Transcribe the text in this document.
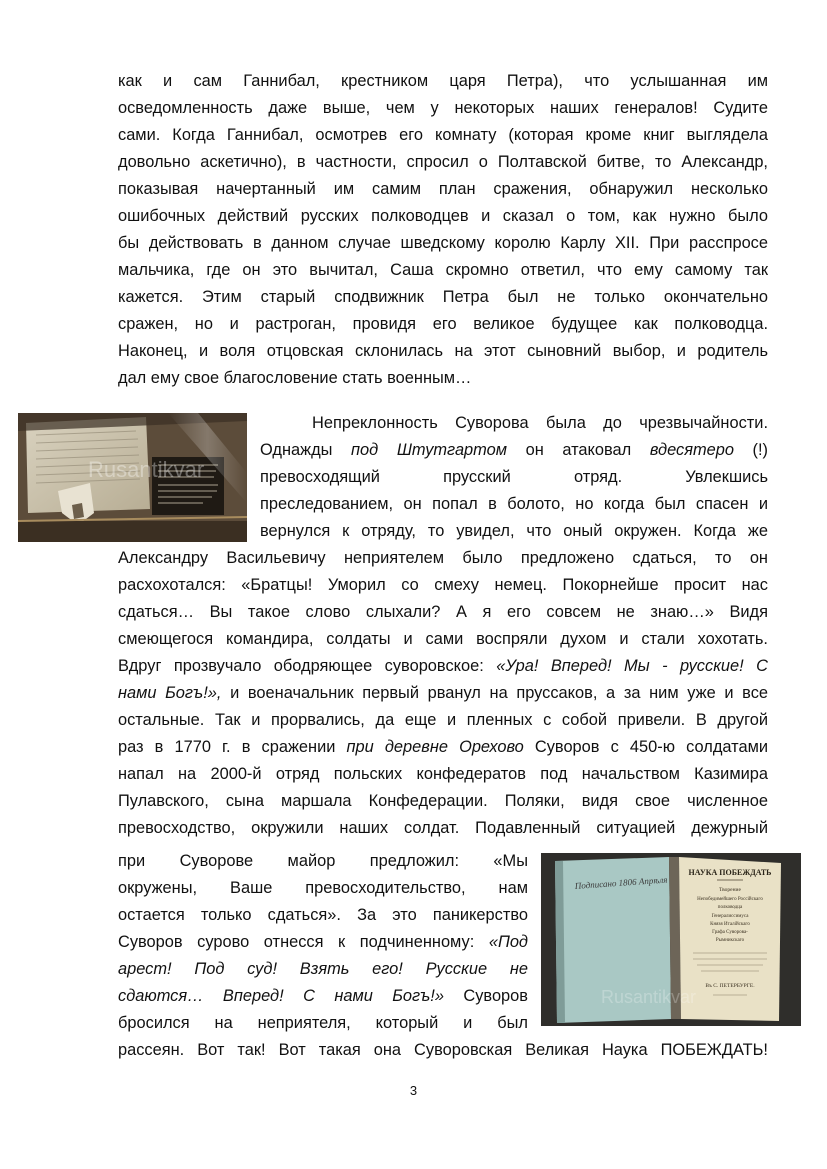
как и сам Ганнибал, крестником царя Петра), что услышанная им
осведомленность даже выше, чем у некоторых наших генералов! Судите
сами. Когда Ганнибал, осмотрев его комнату (которая кроме книг выглядела
довольно аскетично), в частности, спросил о Полтавской битве, то Александр,
показывая начертанный им самим план сражения, обнаружил несколько
ошибочных действий русских полководцев и сказал о том, как нужно было
бы действовать в данном случае шведскому королю Карлу XII. При расспросе
мальчика, где он это вычитал, Саша скромно ответил, что ему самому так
кажется. Этим старый сподвижник Петра был не только окончательно
сражен, но и растроган, провидя его великое будущее как полководца.
Наконец, и воля отцовская склонилась на этот сыновний выбор, и родитель
дал ему свое благословение стать военным…
Rusantikvar
Непреклонность Суворова была до чрезвычайности.
Однажды под Штутгартом он атаковал вдесятеро (!)
превосходящий прусский отряд. Увлекшись
преследованием, он попал в болото, но когда был спасен и
вернулся к отряду, то увидел, что оный окружен. Когда же
Александру Васильевичу неприятелем было предложено сдаться, то он
расхохотался: «Братцы! Уморил со смеху немец. Покорнейше просит нас
сдаться… Вы такое слово слыхали? А я его совсем не знаю…» Видя
смеющегося командира, солдаты и сами воспряли духом и стали хохотать.
Вдруг прозвучало ободряющее суворовское: «Ура! Вперед! Мы - русские! С
нами Богъ!», и военачальник первый рванул на пруссаков, а за ним уже и все
остальные. Так и прорвались, да еще и пленных с собой привели. В другой
раз в 1770 г. в сражении при деревне Орехово Суворов с 450-ю солдатами
напал на 2000-й отряд польских конфедератов под начальством Казимира
Пулавского, сына маршала Конфедерации. Поляки, видя свое численное
превосходство, окружили наших солдат. Подавленный ситуацией дежурный
при Суворове майор предложил: «Мы
окружены, Ваше превосходительство, нам
остается только сдаться». За это паникерство
Суворов сурово отнесся к подчиненному: «Под
арест! Под суд! Взять его! Русские не
сдаются… Вперед! С нами Богъ!» Суворов
бросился на неприятеля, который и был
рассеян. Вот так! Вот такая она Суворовская Великая Наука ПОБЕЖДАТЬ!
Подписано 1806 Апрѣля
НАУКА ПОБЕЖДАТЬ
Творение
Непобедимейшего Россійскаго
полководца
Генералиссимуса
Князя Италійскаго
Графа Суворова-
Рымникскаго
Въ С. ПЕТЕРБУРГЕ.
Rusantikvar
3
